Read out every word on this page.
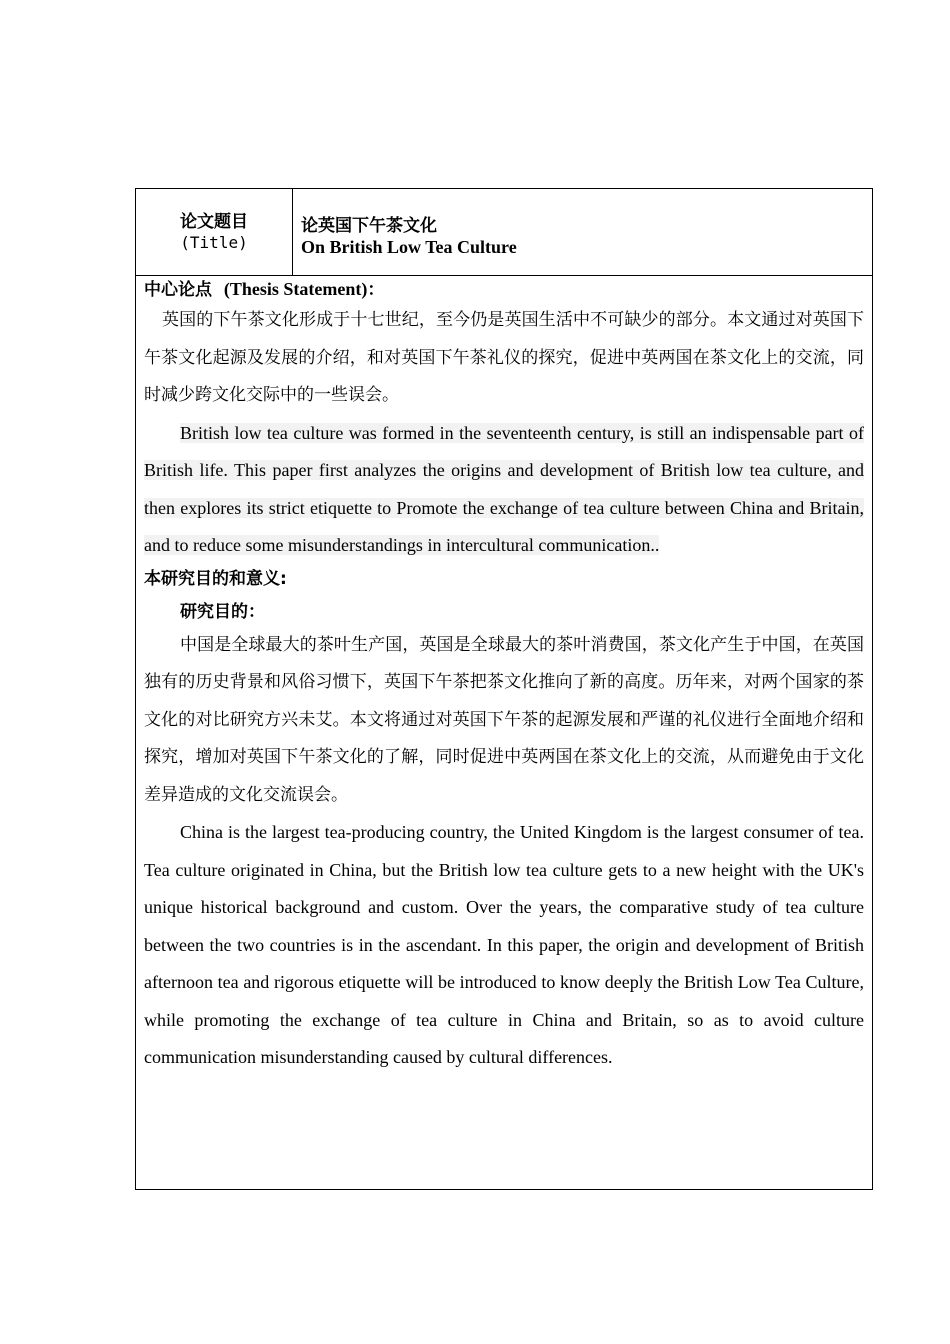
论文题目
(Title)
论英国下午茶文化
On British Low Tea Culture
中心论点 (Thesis Statement)：

英国的下午茶文化形成于十七世纪，至今仍是英国生活中不可缺少的部分。本文通过对英国下午茶文化起源及发展的介绍，和对英国下午茶礼仪的探究，促进中英两国在茶文化上的交流，同时减少跨文化交际中的一些误会。

British low tea culture was formed in the seventeenth century, is still an indispensable part of British life. This paper first analyzes the origins and development of British low tea culture, and then explores its strict etiquette to Promote the exchange of tea culture between China and Britain, and to reduce some misunderstandings in intercultural communication..

本研究目的和意义:
研究目的：

中国是全球最大的茶叶生产国，英国是全球最大的茶叶消费国，茶文化产生于中国，在英国独有的历史背景和风俗习惯下，英国下午茶把茶文化推向了新的高度。历年来，对两个国家的茶文化的对比研究方兴未艾。本文将通过对英国下午茶的起源发展和严谨的礼仪进行全面地介绍和探究，增加对英国下午茶文化的了解，同时促进中英两国在茶文化上的交流，从而避免由于文化差异造成的文化交流误会。

China is the largest tea-producing country, the United Kingdom is the largest consumer of tea. Tea culture originated in China, but the British low tea culture gets to a new height with the UK's unique historical background and custom. Over the years, the comparative study of tea culture between the two countries is in the ascendant. In this paper, the origin and development of British afternoon tea and rigorous etiquette will be introduced to know deeply the British Low Tea Culture, while promoting the exchange of tea culture in China and Britain, so as to avoid culture communication misunderstanding caused by cultural differences.
